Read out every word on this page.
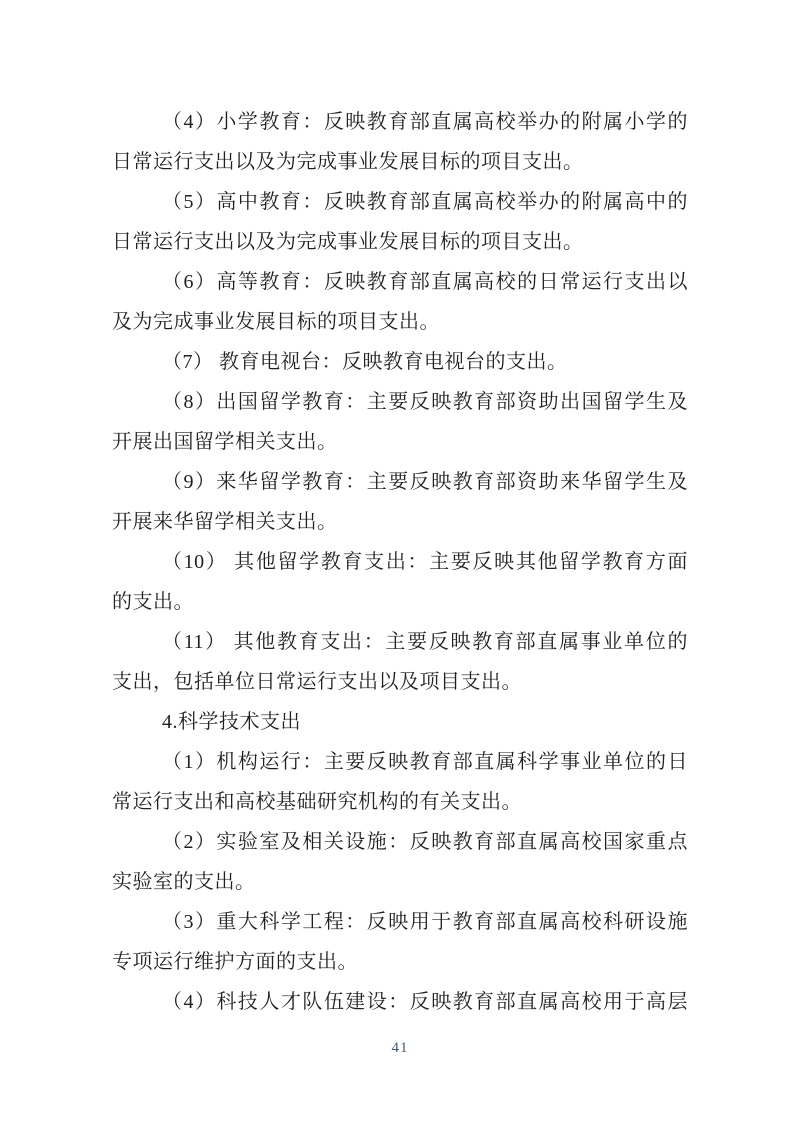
（4）小学教育：反映教育部直属高校举办的附属小学的
日常运行支出以及为完成事业发展目标的项目支出。
（5）高中教育：反映教育部直属高校举办的附属高中的
日常运行支出以及为完成事业发展目标的项目支出。
（6）高等教育：反映教育部直属高校的日常运行支出以
及为完成事业发展目标的项目支出。
（7） 教育电视台：反映教育电视台的支出。
（8）出国留学教育：主要反映教育部资助出国留学生及
开展出国留学相关支出。
（9）来华留学教育：主要反映教育部资助来华留学生及
开展来华留学相关支出。
（10） 其他留学教育支出：主要反映其他留学教育方面
的支出。
（11） 其他教育支出：主要反映教育部直属事业单位的
支出，包括单位日常运行支出以及项目支出。
4.科学技术支出
（1）机构运行：主要反映教育部直属科学事业单位的日
常运行支出和高校基础研究机构的有关支出。
（2）实验室及相关设施：反映教育部直属高校国家重点
实验室的支出。
（3）重大科学工程：反映用于教育部直属高校科研设施
专项运行维护方面的支出。
（4）科技人才队伍建设：反映教育部直属高校用于高层
41
